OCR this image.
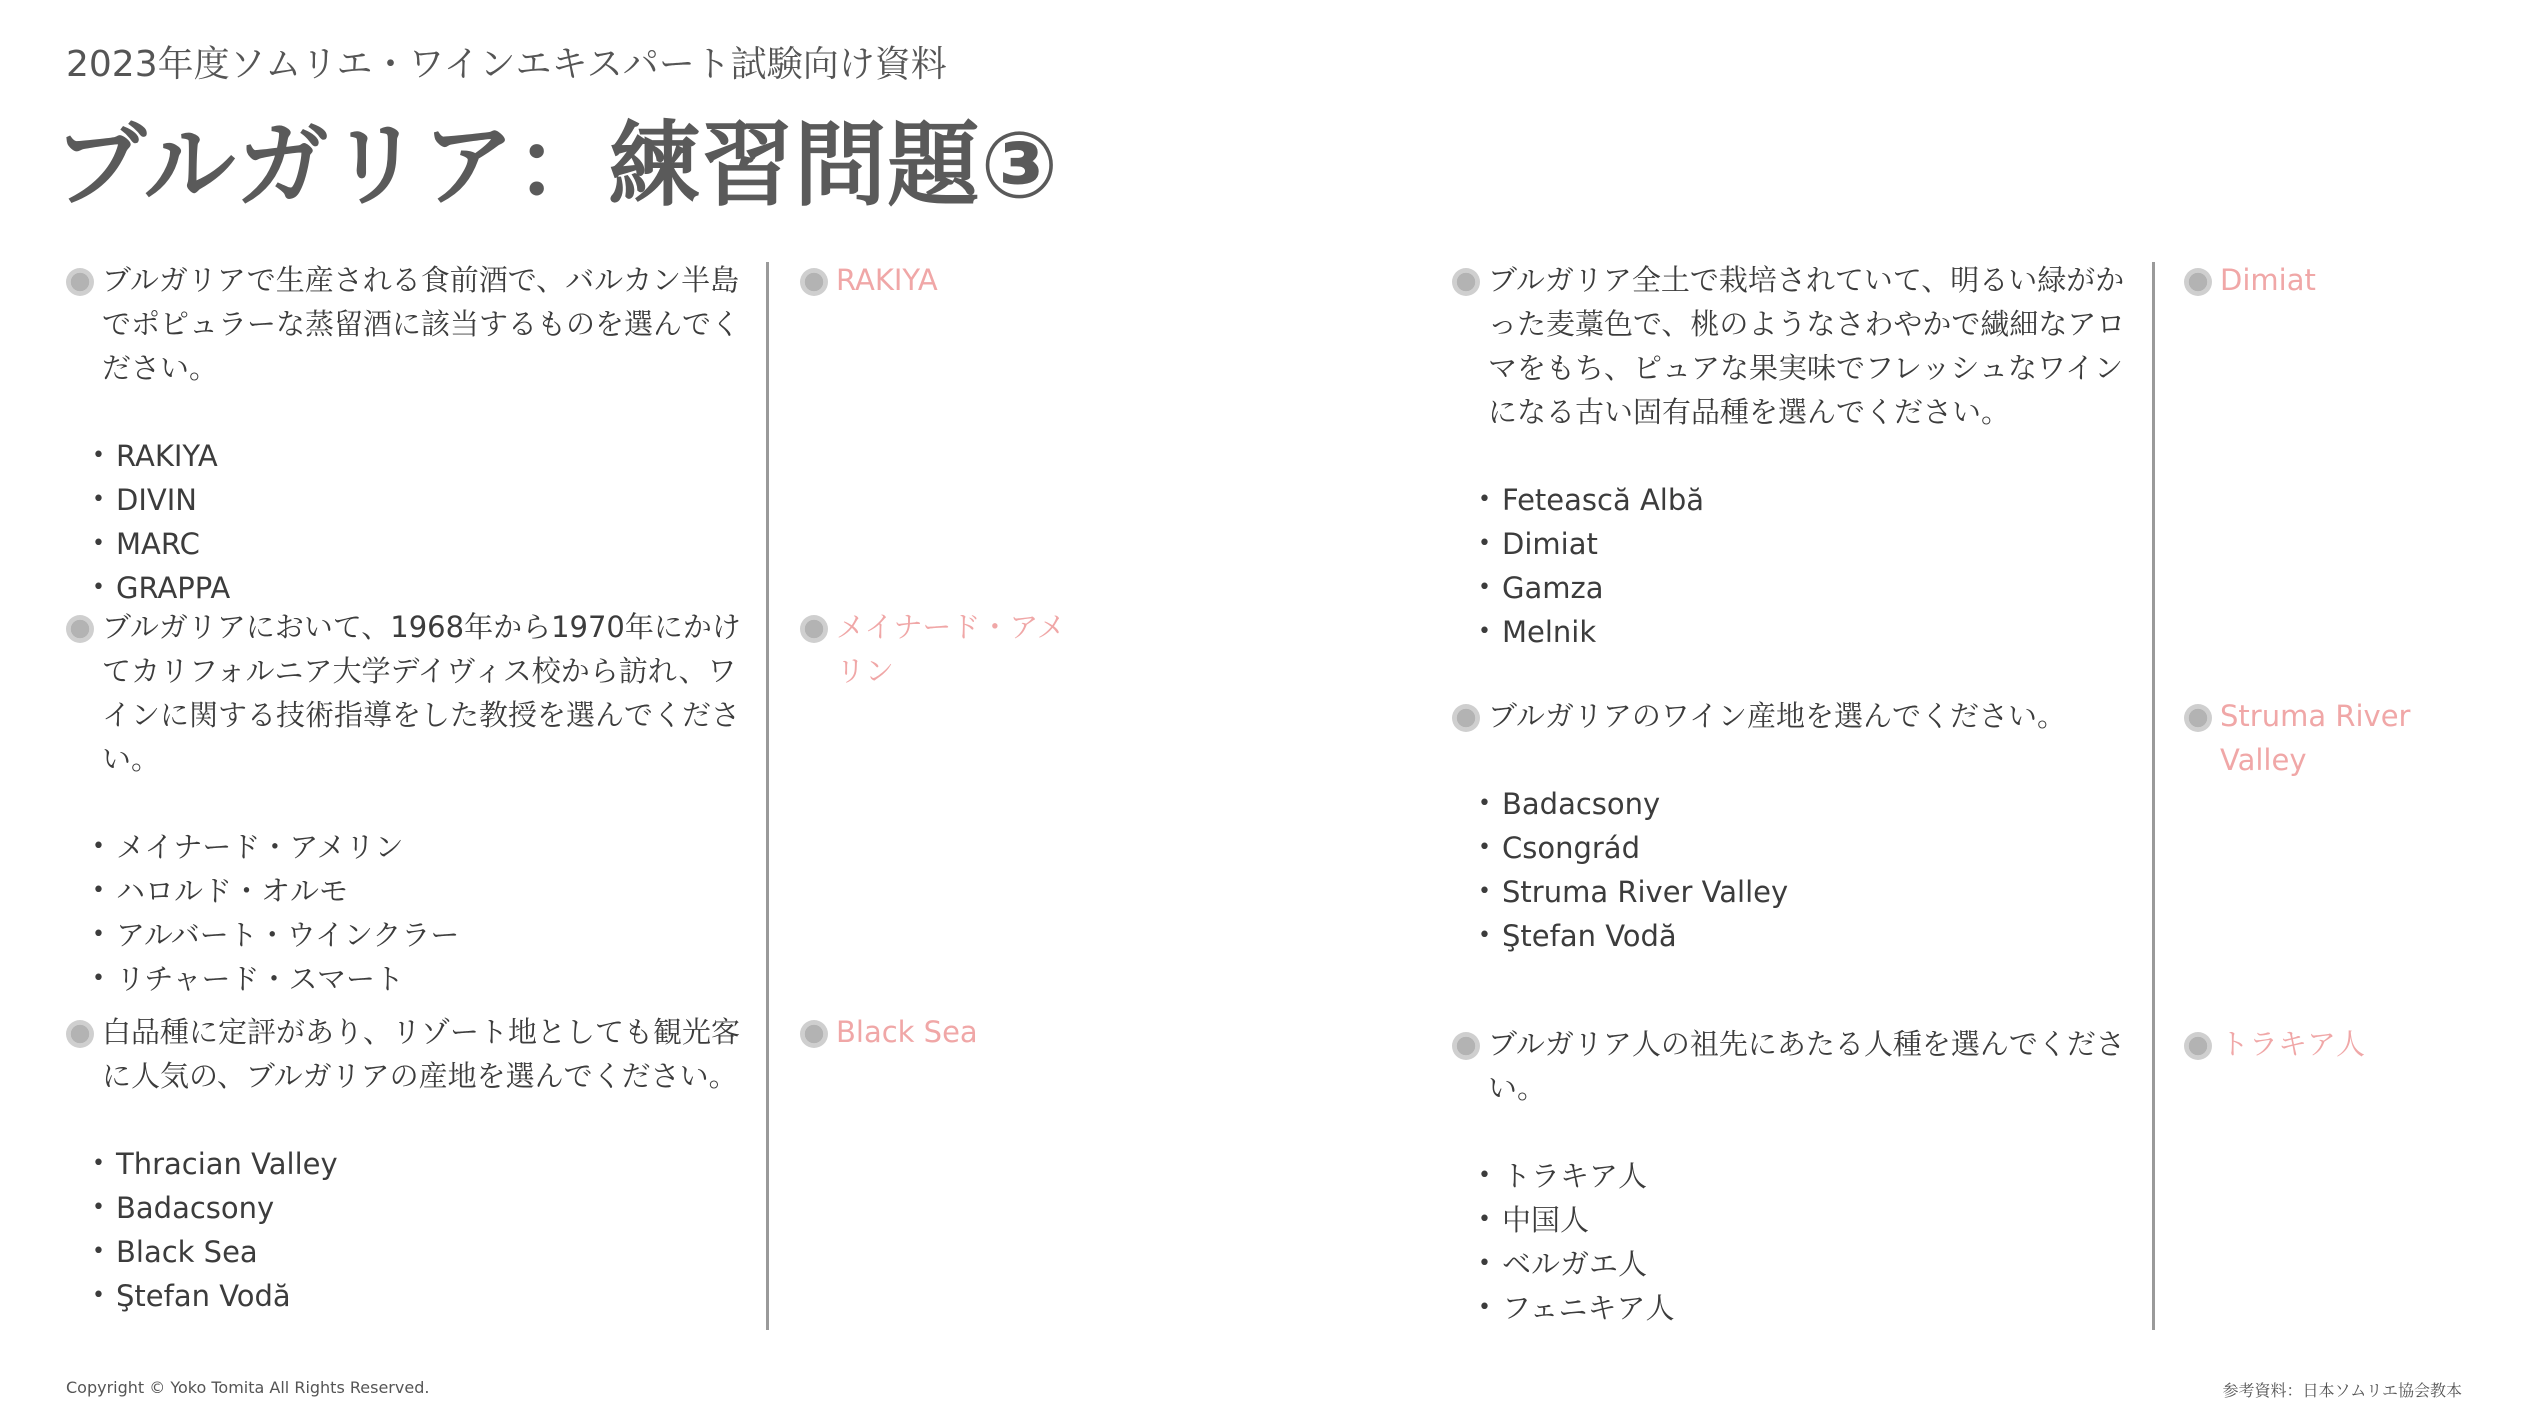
2023年度ソムリエ・ワインエキスパート試験向け資料
ブルガリア：練習問題③
ブルガリアで生産される食前酒で、バルカン半島でポピュラーな蒸留酒に該当するものを選んでください。
• RAKIYA
• DIVIN
• MARC
• GRAPPA
RAKIYA
ブルガリアにおいて、1968年から1970年にかけてカリフォルニア大学デイヴィス校から訪れ、ワインに関する技術指導をした教授を選んでください。
• メイナード・アメリン
• ハロルド・オルモ
• アルバート・ウインクラー
• リチャード・スマート
メイナード・アメリン
白品種に定評があり、リゾート地としても観光客に人気の、ブルガリアの産地を選んでください。
• Thracian Valley
• Badacsony
• Black Sea
• Ştefan Vodă
Black Sea
ブルガリア全土で栽培されていて、明るい緑がかった麦藁色で、桃のようなさわやかで繊細なアロマをもち、ピュアな果実味でフレッシュなワインになる古い固有品種を選んでください。
• Fetească Albă
• Dimiat
• Gamza
• Melnik
Dimiat
ブルガリアのワイン産地を選んでください。
• Badacsony
• Csongrád
• Struma River Valley
• Ştefan Vodă
Struma River Valley
ブルガリア人の祖先にあたる人種を選んでください。
• トラキア人
• 中国人
• ベルガエ人
• フェニキア人
トラキア人
Copyright © Yoko Tomita All Rights Reserved.	参考資料：日本ソムリエ協会教本
